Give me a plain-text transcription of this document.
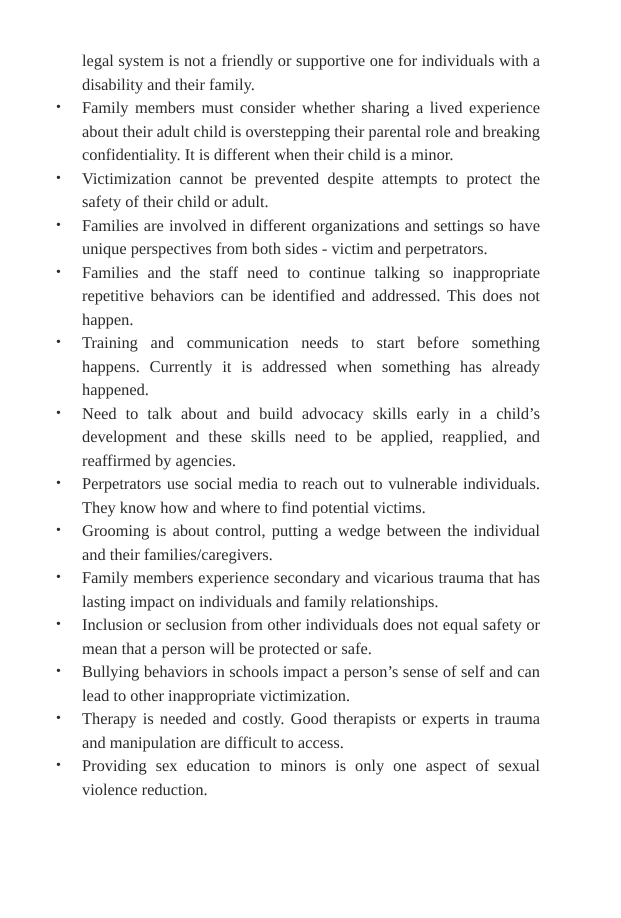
legal system is not a friendly or supportive one for individuals with a disability and their family.

• Family members must consider whether sharing a lived experience about their adult child is overstepping their parental role and breaking confidentiality. It is different when their child is a minor.
• Victimization cannot be prevented despite attempts to protect the safety of their child or adult.
• Families are involved in different organizations and settings so have unique perspectives from both sides - victim and perpetrators.
• Families and the staff need to continue talking so inappropriate repetitive behaviors can be identified and addressed. This does not happen.
• Training and communication needs to start before something happens. Currently it is addressed when something has already happened.
• Need to talk about and build advocacy skills early in a child’s development and these skills need to be applied, reapplied, and reaffirmed by agencies.
• Perpetrators use social media to reach out to vulnerable individuals. They know how and where to find potential victims.
• Grooming is about control, putting a wedge between the individual and their families/caregivers.
• Family members experience secondary and vicarious trauma that has lasting impact on individuals and family relationships.
• Inclusion or seclusion from other individuals does not equal safety or mean that a person will be protected or safe.
• Bullying behaviors in schools impact a person’s sense of self and can lead to other inappropriate victimization.
• Therapy is needed and costly. Good therapists or experts in trauma and manipulation are difficult to access.
• Providing sex education to minors is only one aspect of sexual violence reduction.
